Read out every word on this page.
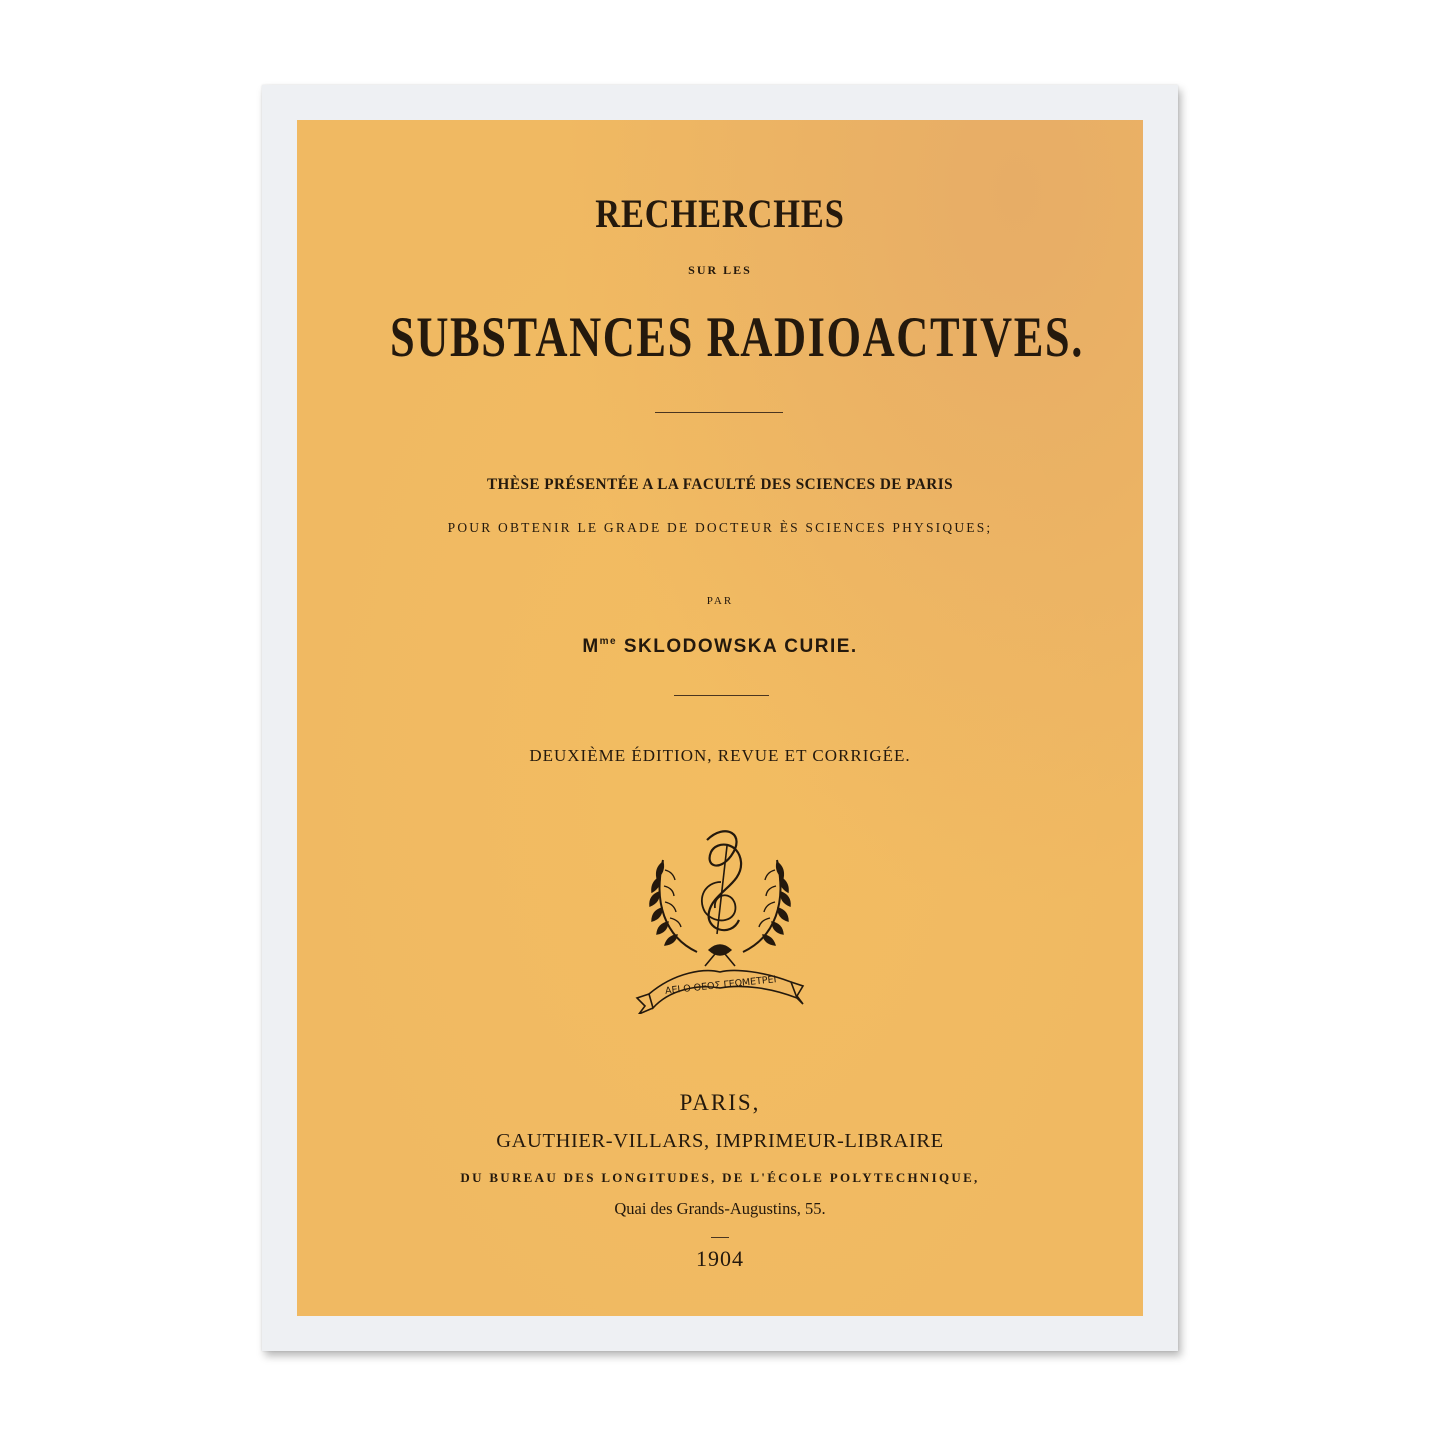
RECHERCHES

SUR LES

SUBSTANCES RADIOACTIVES.

THÈSE PRÉSENTÉE A LA FACULTÉ DES SCIENCES DE PARIS

POUR OBTENIR LE GRADE DE DOCTEUR ÈS SCIENCES PHYSIQUES;

PAR

$M^{me}$ SKLODOWSKA CURIE.

DEUXIÈME ÉDITION, REVUE ET CORRIGÉE.

ΑΕΙ Ο ΘΕΟΣ ΓΕΩΜΕΤΡΕΙ

PARIS,

GAUTHIER-VILLARS, IMPRIMEUR-LIBRAIRE

DU BUREAU DES LONGITUDES, DE L'ÉCOLE POLYTECHNIQUE,

Quai des Grands-Augustins, 55.

1904
